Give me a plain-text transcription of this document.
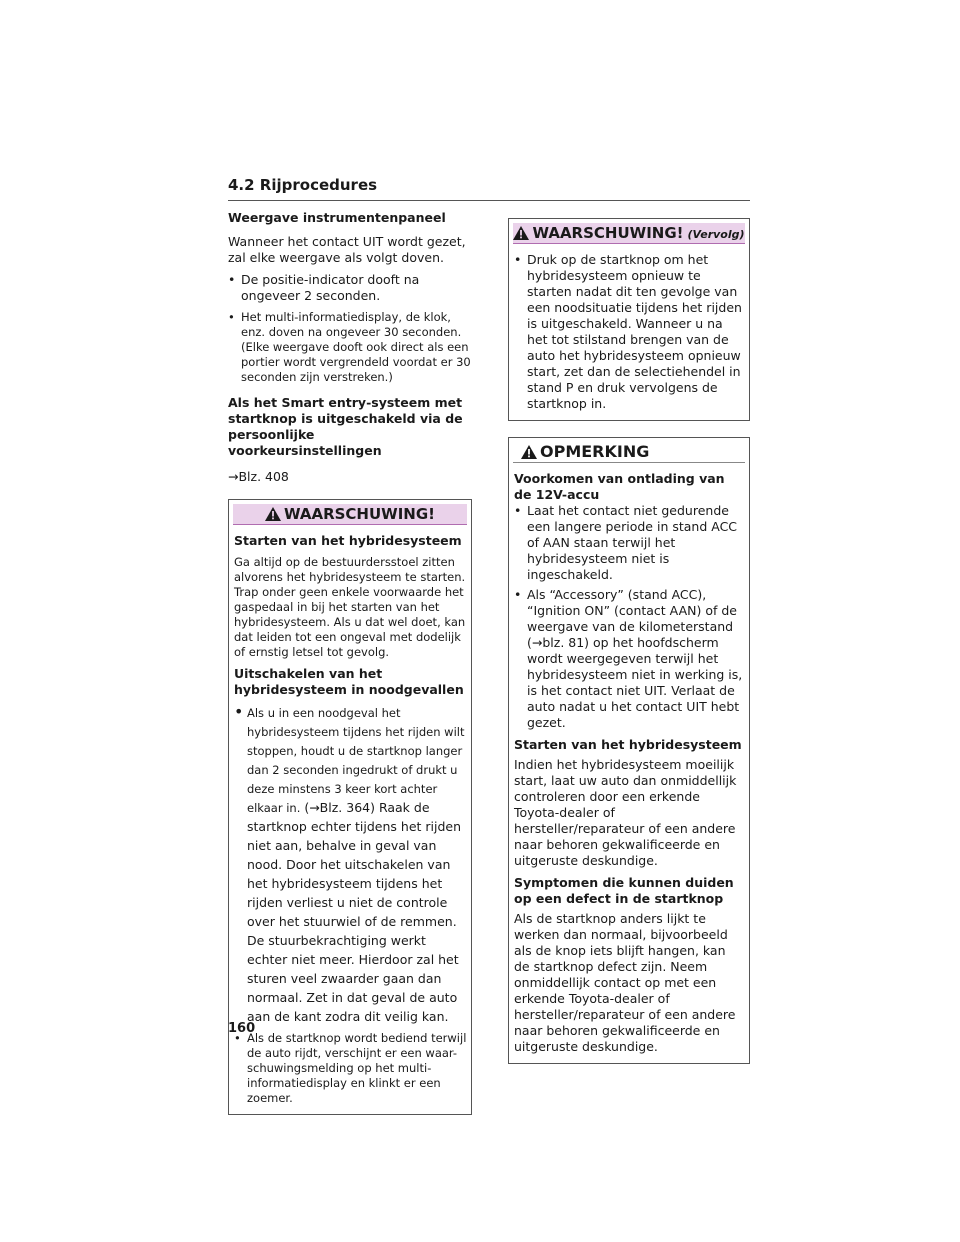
4.2 Rijprocedures

Weergave instrumentenpaneel

Wanneer het contact UIT wordt gezet, zal elke weergave als volgt doven.

• De positie-indicator dooft na ongeveer 2 seconden.
• Het multi-informatiedisplay, de klok, enz. doven na ongeveer 30 seconden. (Elke weergave dooft ook direct als een portier wordt vergrendeld voordat er 30 seconden zijn verstreken.)

Als het Smart entry-systeem met startknop is uitgeschakeld via de persoonlijke voorkeursinstellingen

→Blz. 408

WAARSCHUWING!

Starten van het hybridesysteem

Ga altijd op de bestuurdersstoel zitten alvorens het hybridesysteem te starten. Trap onder geen enkele voorwaarde het gaspedaal in bij het starten van het hybridesysteem. Als u dat wel doet, kan dat leiden tot een ongeval met dodelijk of ernstig letsel tot gevolg.

Uitschakelen van het hybridesysteem in noodgevallen

• Als u in een noodgeval het hybridesysteem tijdens het rijden wilt stoppen, houdt u de startknop langer dan 2 seconden ingedrukt of drukt u deze minstens 3 keer kort achter elkaar in. (→Blz. 364) Raak de startknop echter tijdens het rijden niet aan, behalve in geval van nood. Door het uitschakelen van het hybridesysteem tijdens het rijden verliest u niet de controle over het stuurwiel of de remmen. De stuurbekrachtiging werkt echter niet meer. Hierdoor zal het sturen veel zwaarder gaan dan normaal. Zet in dat geval de auto aan de kant zodra dit veilig kan.
• Als de startknop wordt bediend terwijl de auto rijdt, verschijnt er een waar-schuwingsmelding op het multi-informatiedisplay en klinkt er een zoemer.
WAARSCHUWING! (Vervolg)
• Druk op de startknop om het hybridesysteem opnieuw te starten nadat dit ten gevolge van een noodsituatie tijdens het rijden is uitgeschakeld. Wanneer u na het tot stilstand brengen van de auto het hybridesysteem opnieuw start, zet dan de selectiehendel in stand P en druk vervolgens de startknop in.
OPMERKING

Voorkomen van ontlading van de 12V-accu

• Laat het contact niet gedurende een langere periode in stand ACC of AAN staan terwijl het hybridesysteem niet is ingeschakeld.
• Als “Accessory” (stand ACC), “Ignition ON” (contact AAN) of de weergave van de kilometerstand (→blz. 81) op het hoofdscherm wordt weergegeven terwijl het hybridesysteem niet in werking is, is het contact niet UIT. Verlaat de auto nadat u het contact UIT hebt gezet.

Starten van het hybridesysteem

Indien het hybridesysteem moeilijk start, laat uw auto dan onmiddellijk controleren door een erkende Toyota-dealer of hersteller/reparateur of een andere naar behoren gekwalificeerde en uitgeruste deskundige.

Symptomen die kunnen duiden op een defect in de startknop

Als de startknop anders lijkt te werken dan normaal, bijvoorbeeld als de knop iets blijft hangen, kan de startknop defect zijn. Neem onmiddellijk contact op met een erkende Toyota-dealer of hersteller/reparateur of een andere naar behoren gekwalificeerde en uitgeruste deskundige.

160
